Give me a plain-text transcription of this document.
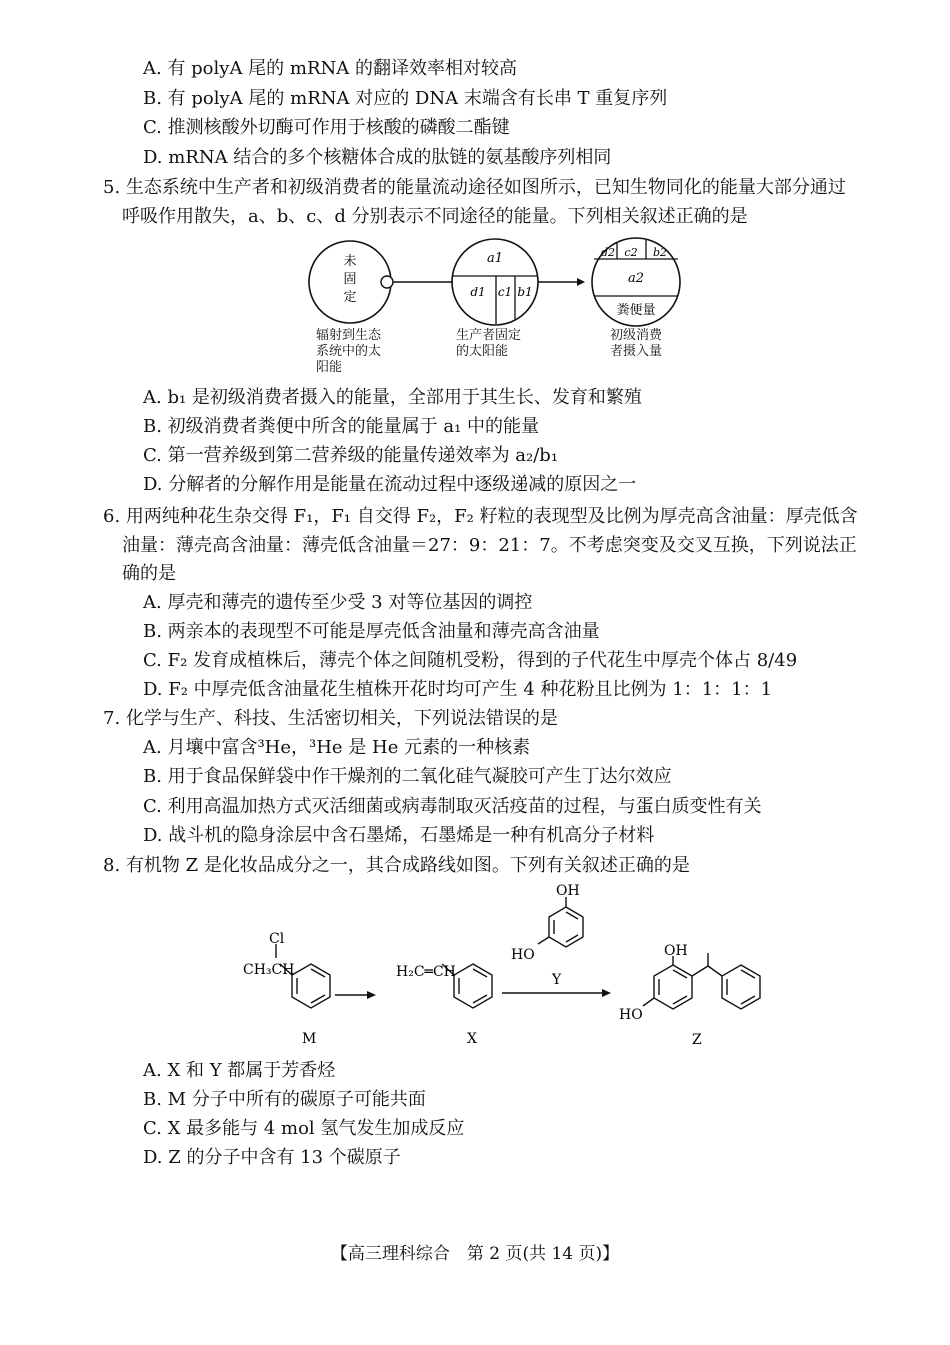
A. 有 polyA 尾的 mRNA 的翻译效率相对较高
B. 有 polyA 尾的 mRNA 对应的 DNA 末端含有长串 T 重复序列
C. 推测核酸外切酶可作用于核酸的磷酸二酯键
D. mRNA 结合的多个核糖体合成的肽链的氨基酸序列相同
5. 生态系统中生产者和初级消费者的能量流动途径如图所示，已知生物同化的能量大部分通过
呼吸作用散失，a、b、c、d 分别表示不同途径的能量。下列相关叙述正确的是
未
固
定
a1
d1 c1 b1
d2 c2 b2
a2
粪便量
辐射到生态
系统中的太
阳能
生产者固定
的太阳能
初级消费
者摄入量
A. b₁ 是初级消费者摄入的能量，全部用于其生长、发育和繁殖
B. 初级消费者粪便中所含的能量属于 a₁ 中的能量
C. 第一营养级到第二营养级的能量传递效率为 a₂/b₁
D. 分解者的分解作用是能量在流动过程中逐级递减的原因之一
6. 用两纯种花生杂交得 F₁，F₁ 自交得 F₂，F₂ 籽粒的表现型及比例为厚壳高含油量：厚壳低含
油量：薄壳高含油量：薄壳低含油量＝27：9：21：7。不考虑突变及交叉互换，下列说法正
确的是
A. 厚壳和薄壳的遗传至少受 3 对等位基因的调控
B. 两亲本的表现型不可能是厚壳低含油量和薄壳高含油量
C. F₂ 发育成植株后，薄壳个体之间随机受粉，得到的子代花生中厚壳个体占 8/49
D. F₂ 中厚壳低含油量花生植株开花时均可产生 4 种花粉且比例为 1：1：1：1
7. 化学与生产、科技、生活密切相关，下列说法错误的是
A. 月壤中富含³He，³He 是 He 元素的一种核素
B. 用于食品保鲜袋中作干燥剂的二氧化硅气凝胶可产生丁达尔效应
C. 利用高温加热方式灭活细菌或病毒制取灭活疫苗的过程，与蛋白质变性有关
D. 战斗机的隐身涂层中含石墨烯，石墨烯是一种有机高分子材料
8. 有机物 Z 是化妆品成分之一，其合成路线如图。下列有关叙述正确的是
Cl
CH₃CH
M
H₂C═CH
X
OH
HO
Y
OH
HO
Z
A. X 和 Y 都属于芳香烃
B. M 分子中所有的碳原子可能共面
C. X 最多能与 4 mol 氢气发生加成反应
D. Z 的分子中含有 13 个碳原子
【高三理科综合　第 2 页(共 14 页)】
